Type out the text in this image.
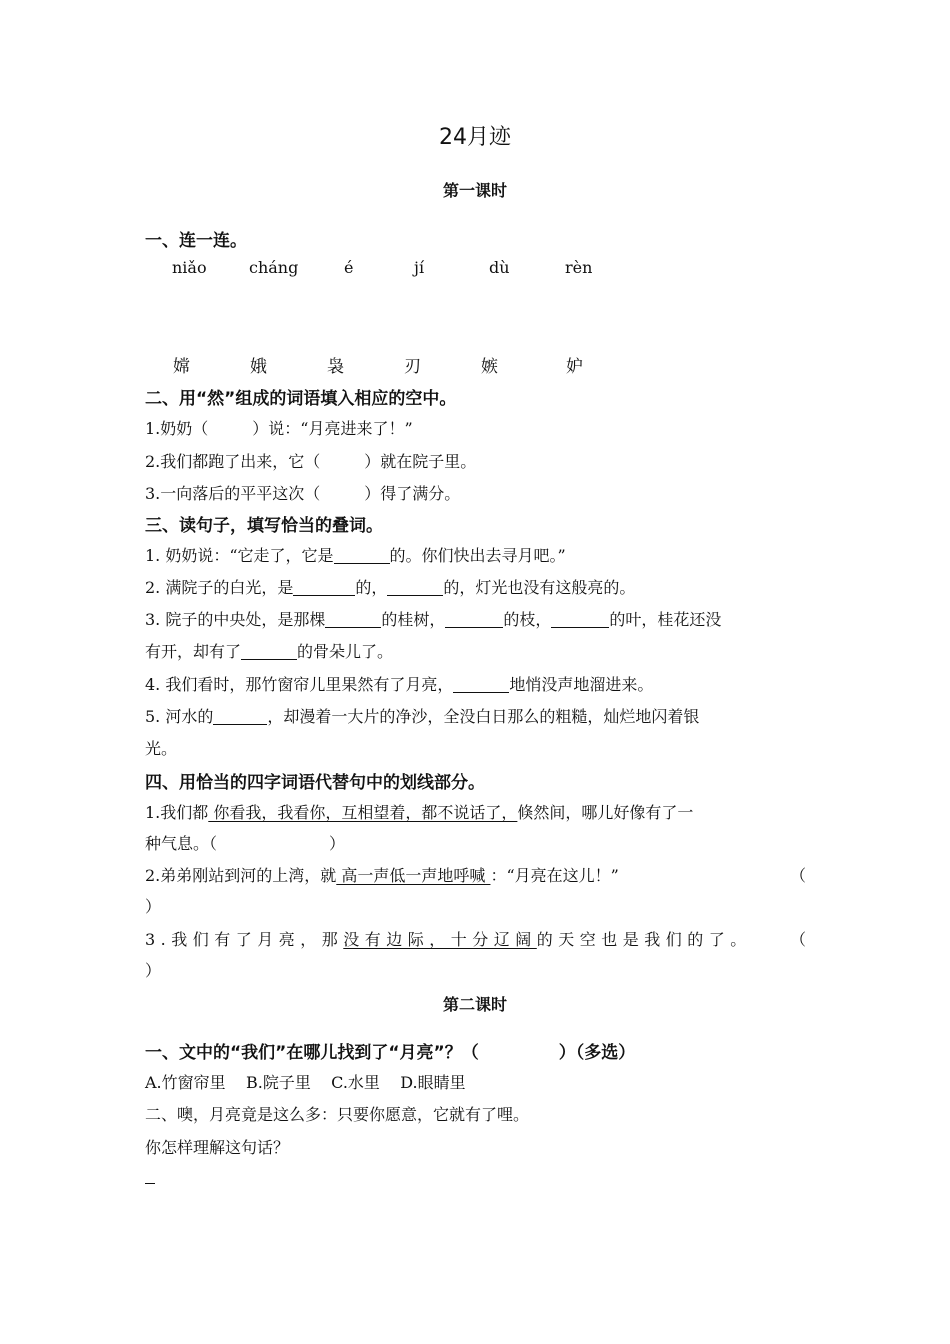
24月迹
第一课时
一、连一连。
niǎo	cháng	é	jí	dù	rèn
嫦	娥	袅	刃	嫉	妒
二、用“然”组成的词语填入相应的空中。
1.奶奶（	）说：“月亮进来了！”
2.我们都跑了出来，它（	）就在院子里。
3.一向落后的平平这次（	）得了满分。
三、读句子，填写恰当的叠词。
1. 奶奶说：“它走了，它是	的。你们快出去寻月吧。”
2. 满院子的白光，是	的，	的，灯光也没有这般亮的。
3. 院子的中央处，是那棵	的桂树，	的枝，	的叶，桂花还没
有开，却有了	的骨朵儿了。
4. 我们看时，那竹窗帘儿里果然有了月亮，	地悄没声地溜进来。
5. 河水的	，却漫着一大片的净沙，全没白日那么的粗糙，灿烂地闪着银
光。
四、用恰当的四字词语代替句中的划线部分。
1.我们都 你看我，我看你，互相望着，都不说话了，倏然间，哪儿好像有了一
种气息。（	）
2.弟弟刚站到河的上湾，就 高一声低一声地呼喊 ：“月亮在这儿！”	（
）
3.我们有了月亮，那没有边际，十分辽阔的天空也是我们的了。 （
）
第二课时
一、文中的“我们”在哪儿找到了“月亮”？（	）（多选）
A.竹窗帘里    B.院子里    C.水里    D.眼睛里
二、噢，月亮竟是这么多：只要你愿意，它就有了哩。
你怎样理解这句话？
